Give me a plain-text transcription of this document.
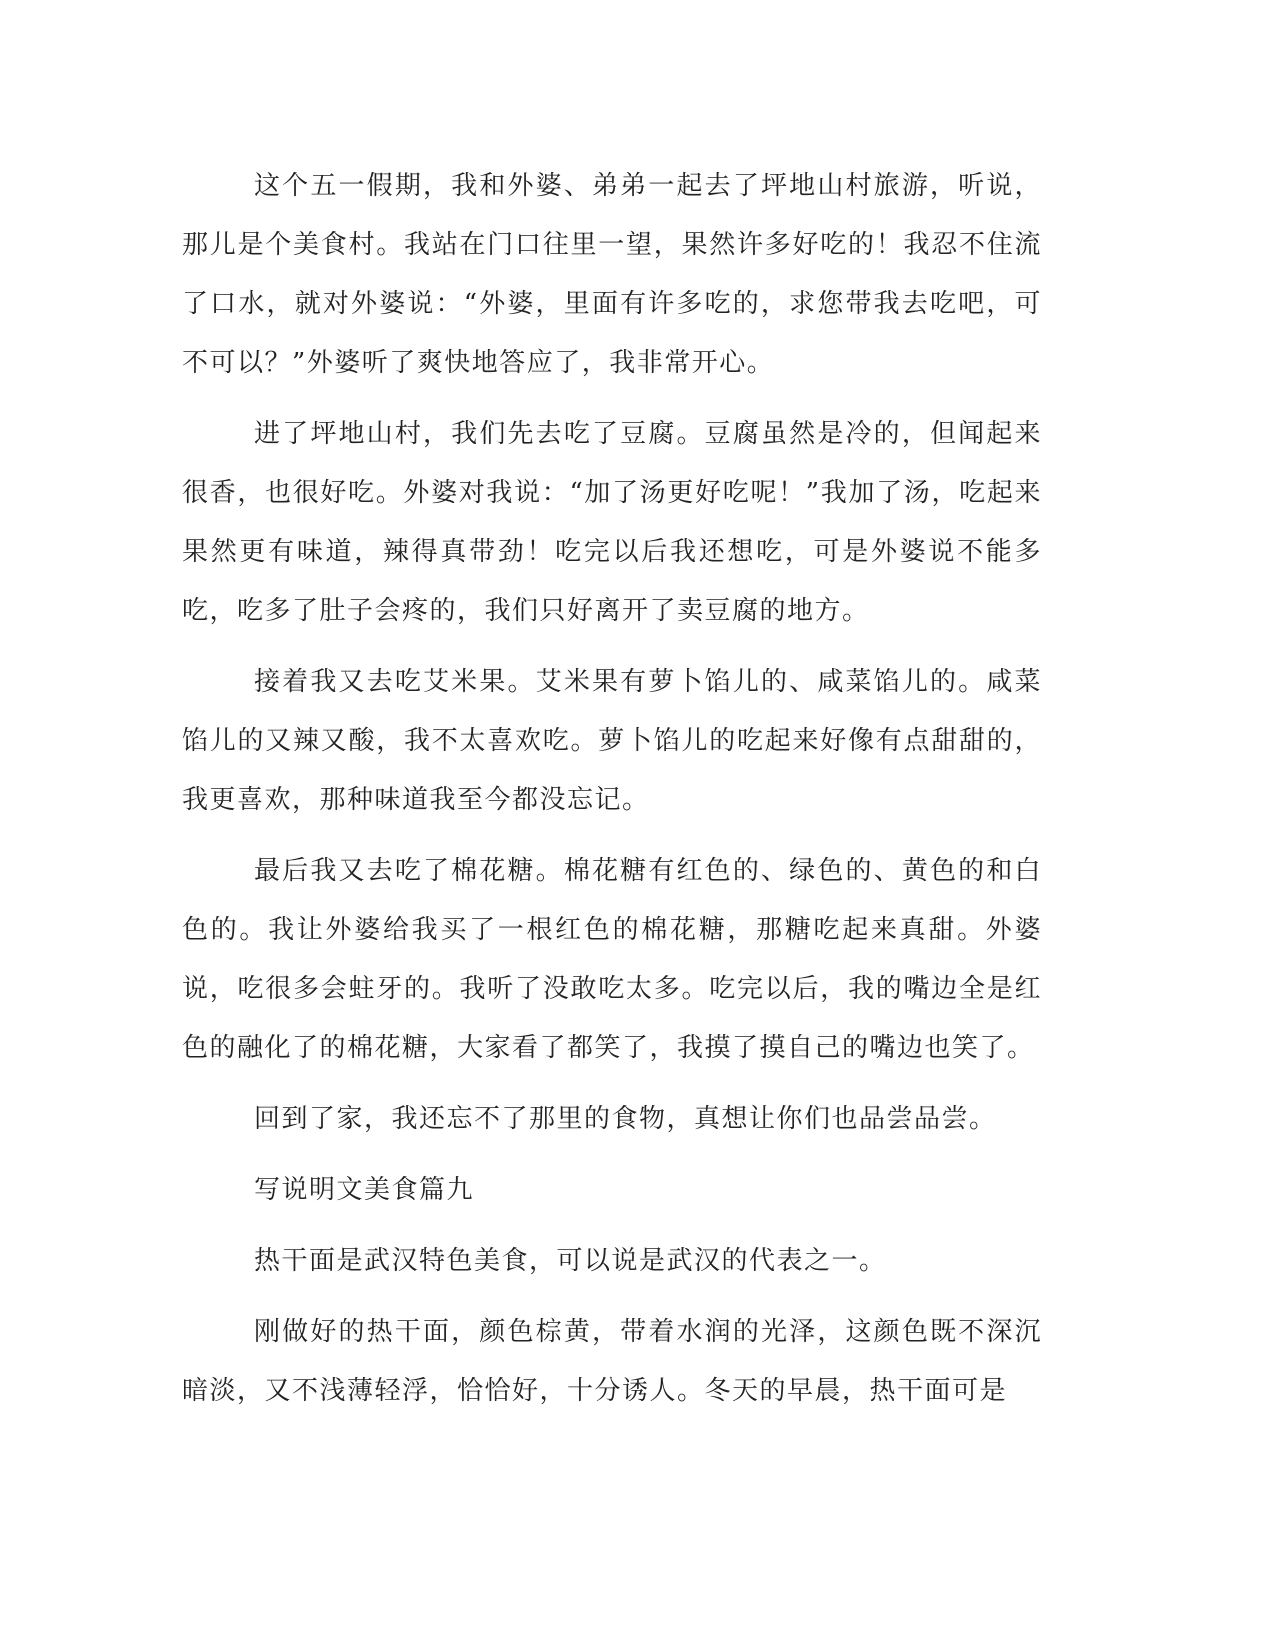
这个五一假期，我和外婆、弟弟一起去了坪地山村旅游，听说，那儿是个美食村。我站在门口往里一望，果然许多好吃的！我忍不住流了口水，就对外婆说：“外婆，里面有许多吃的，求您带我去吃吧，可不可以？”外婆听了爽快地答应了，我非常开心。

进了坪地山村，我们先去吃了豆腐。豆腐虽然是冷的，但闻起来很香，也很好吃。外婆对我说：“加了汤更好吃呢！”我加了汤，吃起来果然更有味道，辣得真带劲！吃完以后我还想吃，可是外婆说不能多吃，吃多了肚子会疼的，我们只好离开了卖豆腐的地方。

接着我又去吃艾米果。艾米果有萝卜馅儿的、咸菜馅儿的。咸菜馅儿的又辣又酸，我不太喜欢吃。萝卜馅儿的吃起来好像有点甜甜的，我更喜欢，那种味道我至今都没忘记。

最后我又去吃了棉花糖。棉花糖有红色的、绿色的、黄色的和白色的。我让外婆给我买了一根红色的棉花糖，那糖吃起来真甜。外婆说，吃很多会蛀牙的。我听了没敢吃太多。吃完以后，我的嘴边全是红色的融化了的棉花糖，大家看了都笑了，我摸了摸自己的嘴边也笑了。

回到了家，我还忘不了那里的食物，真想让你们也品尝品尝。

写说明文美食篇九

热干面是武汉特色美食，可以说是武汉的代表之一。

刚做好的热干面，颜色棕黄，带着水润的光泽，这颜色既不深沉暗淡，又不浅薄轻浮，恰恰好，十分诱人。冬天的早晨，热干面可是
